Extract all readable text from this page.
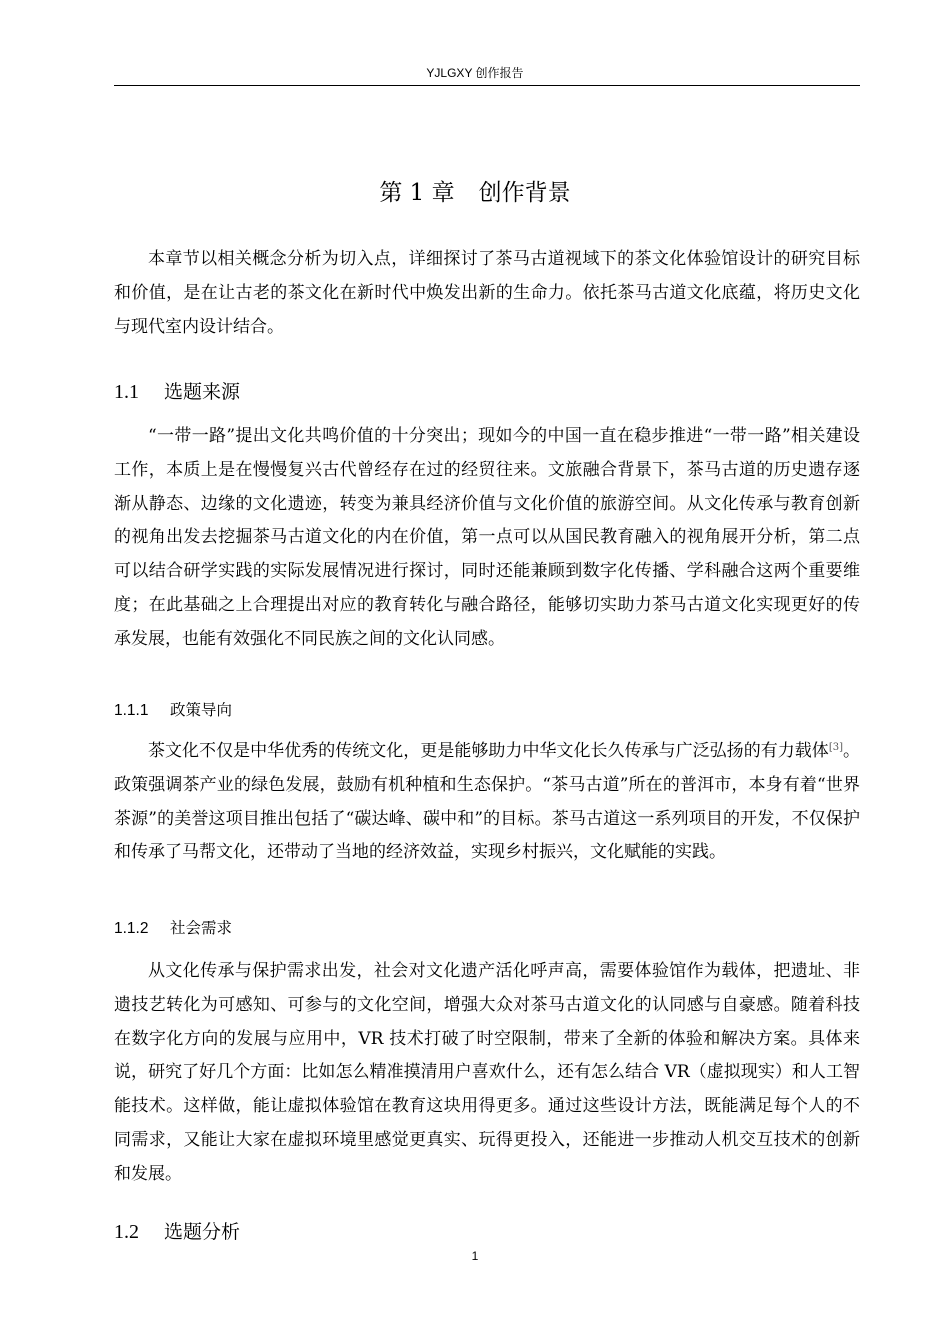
YJLGXY 创作报告
第 1 章 创作背景

本章节以相关概念分析为切入点，详细探讨了茶马古道视域下的茶文化体验馆设计的研究目标和价值，是在让古老的茶文化在新时代中焕发出新的生命力。依托茶马古道文化底蕴，将历史文化与现代室内设计结合。

1.1 选题来源

“一带一路”提出文化共鸣价值的十分突出；现如今的中国一直在稳步推进“一带一路”相关建设工作，本质上是在慢慢复兴古代曾经存在过的经贸往来。文旅融合背景下，茶马古道的历史遗存逐渐从静态、边缘的文化遗迹，转变为兼具经济价值与文化价值的旅游空间。从文化传承与教育创新的视角出发去挖掘茶马古道文化的内在价值，第一点可以从国民教育融入的视角展开分析，第二点可以结合研学实践的实际发展情况进行探讨，同时还能兼顾到数字化传播、学科融合这两个重要维度；在此基础之上合理提出对应的教育转化与融合路径，能够切实助力茶马古道文化实现更好的传承发展，也能有效强化不同民族之间的文化认同感。

1.1.1 政策导向

茶文化不仅是中华优秀的传统文化，更是能够助力中华文化长久传承与广泛弘扬的有力载体[3]。政策强调茶产业的绿色发展，鼓励有机种植和生态保护。“茶马古道”所在的普洱市，本身有着“世界茶源”的美誉这项目推出包括了“碳达峰、碳中和”的目标。茶马古道这一系列项目的开发，不仅保护和传承了马帮文化，还带动了当地的经济效益，实现乡村振兴，文化赋能的实践。

1.1.2 社会需求

从文化传承与保护需求出发，社会对文化遗产活化呼声高，需要体验馆作为载体，把遗址、非遗技艺转化为可感知、可参与的文化空间，增强大众对茶马古道文化的认同感与自豪感。随着科技在数字化方向的发展与应用中，VR 技术打破了时空限制，带来了全新的体验和解决方案。具体来说，研究了好几个方面：比如怎么精准摸清用户喜欢什么，还有怎么结合 VR（虚拟现实）和人工智能技术。这样做，能让虚拟体验馆在教育这块用得更多。通过这些设计方法，既能满足每个人的不同需求，又能让大家在虚拟环境里感觉更真实、玩得更投入，还能进一步推动人机交互技术的创新和发展。

1.2 选题分析
1
